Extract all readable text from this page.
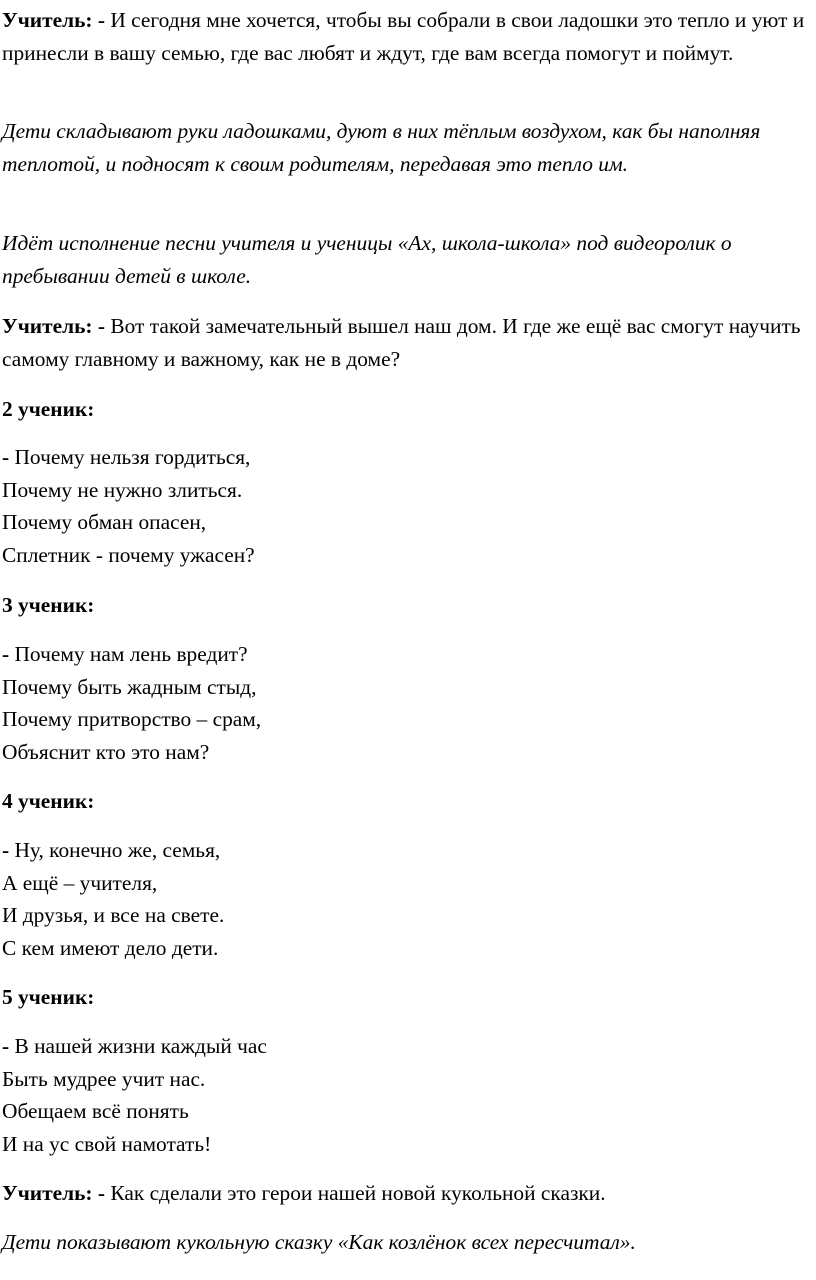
Учитель: - И сегодня мне хочется, чтобы вы собрали в свои ладошки это тепло и уют и принесли в вашу семью, где вас любят и ждут, где вам всегда помогут и поймут.

Дети складывают руки ладошками, дуют в них тёплым воздухом, как бы наполняя теплотой, и подносят к своим родителям, передавая это тепло им.

Идёт исполнение песни учителя и ученицы «Ах, школа-школа» под видеоролик о пребывании детей в школе.

Учитель: - Вот такой замечательный вышел наш дом. И где же ещё вас смогут научить самому главному и важному, как не в доме?

2 ученик:

- Почему нельзя гордиться,
Почему не нужно злиться.
Почему обман опасен,
Сплетник - почему ужасен?

3 ученик:

- Почему нам лень вредит?
Почему быть жадным стыд,
Почему притворство – срам,
Объяснит кто это нам?

4 ученик:

- Ну, конечно же, семья,
А ещё – учителя,
И друзья, и все на свете.
С кем имеют дело дети.

5 ученик:

- В нашей жизни каждый час
Быть мудрее учит нас.
Обещаем всё понять
И на ус свой намотать!

Учитель: - Как сделали это герои нашей новой кукольной сказки.

Дети показывают кукольную сказку «Как козлёнок всех пересчитал».
